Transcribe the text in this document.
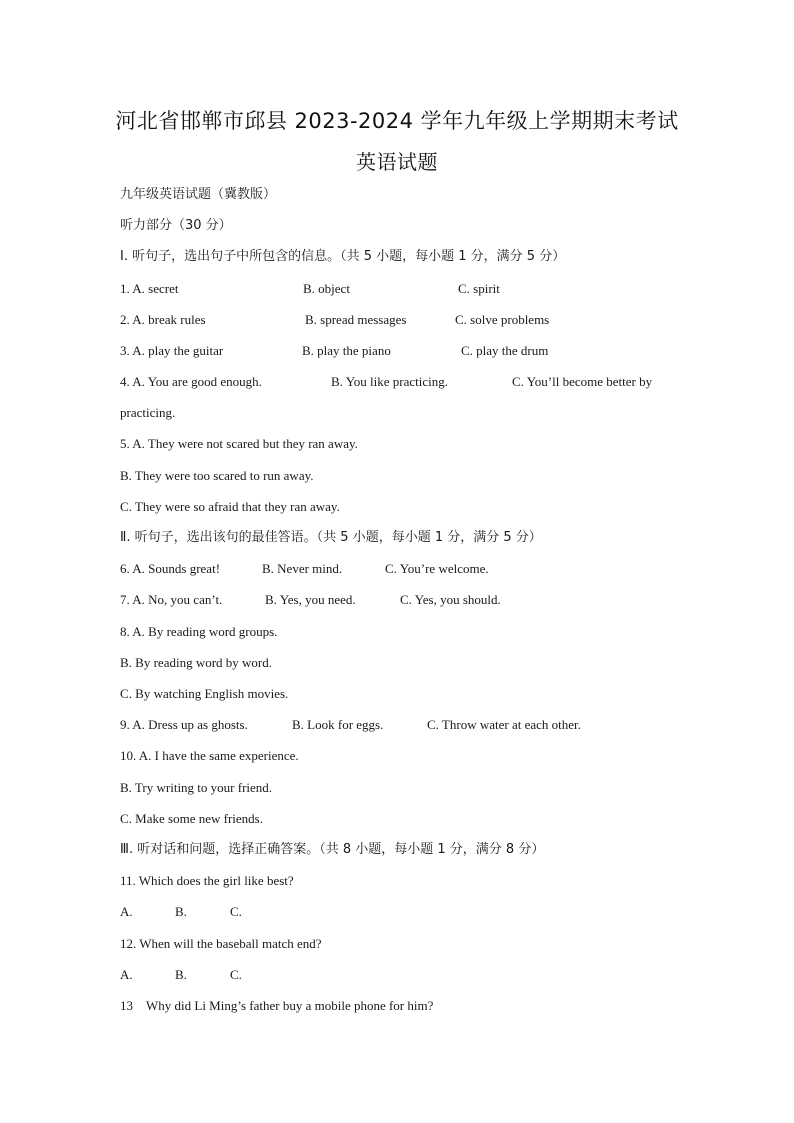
河北省邯郸市邱县 2023-2024 学年九年级上学期期末考试
英语试题
九年级英语试题（冀教版）
听力部分（30 分）
I. 听句子，选出句子中所包含的信息。（共 5 小题，每小题 1 分，满分 5 分）
1. A. secret	B. object	C. spirit
2. A. break rules	B. spread messages	C. solve problems
3. A. play the guitar	B. play the piano	C. play the drum
4. A. You are good enough.	B. You like practicing.	C. You’ll become better by
practicing.
5. A. They were not scared but they ran away.
B. They were too scared to run away.
C. They were so afraid that they ran away.
Ⅱ. 听句子，选出该句的最佳答语。（共 5 小题，每小题 1 分，满分 5 分）
6. A. Sounds great!	B. Never mind.	C. You’re welcome.
7. A. No, you can’t.	B. Yes, you need.	C. Yes, you should.
8. A. By reading word groups.
B. By reading word by word.
C. By watching English movies.
9. A. Dress up as ghosts.	B. Look for eggs.	C. Throw water at each other.
10. A. I have the same experience.
B. Try writing to your friend.
C. Make some new friends.
Ⅲ. 听对话和问题，选择正确答案。（共 8 小题，每小题 1 分，满分 8 分）
11. Which does the girl like best?
A.	B.	C.
12. When will the baseball match end?
A.	B.	C.
13　Why did Li Ming’s father buy a mobile phone for him?
